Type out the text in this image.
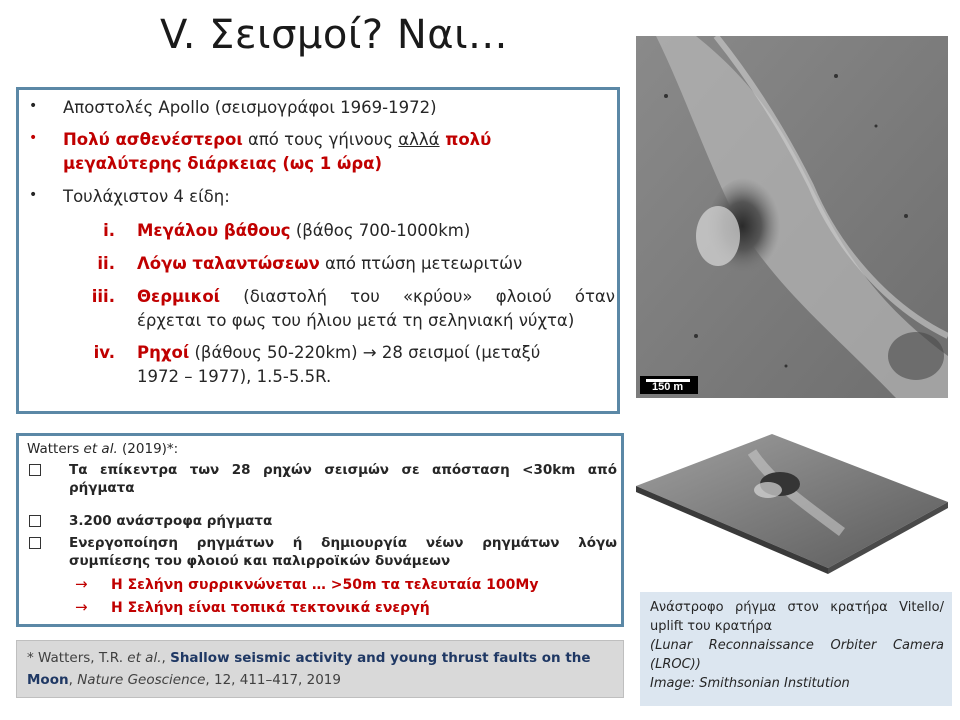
V. Σεισμοί? Ναι...
• Αποστολές Apollo (σεισμογράφοι 1969-1972)
• Πολύ ασθενέστεροι από τους γήινους αλλά πολύ
μεγαλύτερης διάρκειας (ως 1 ώρα)
• Τουλάχιστον 4 είδη:
i. Μεγάλου βάθους (βάθος 700-1000km)
ii. Λόγω ταλαντώσεων από πτώση μετεωριτών
iii. Θερμικοί (διαστολή του «κρύου» φλοιού όταν
έρχεται το φως του ήλιου μετά τη σεληνιακή νύχτα)
iv. Ρηχοί (βάθους 50-220km) → 28 σεισμοί (μεταξύ
1972 – 1977), 1.5-5.5R.
Watters et al. (2019)*:
Τα επίκεντρα των 28 ρηχών σεισμών σε απόσταση <30km από
ρήγματα
3.200 ανάστροφα ρήγματα
Ενεργοποίηση ρηγμάτων ή δημιουργία νέων ρηγμάτων λόγω
συμπίεσης του φλοιού και παλιρροϊκών δυνάμεων
→ Η Σελήνη συρρικνώνεται … >50m τα τελευταία 100My
→ Η Σελήνη είναι τοπικά τεκτονικά ενεργή
* Watters, T.R. et al., Shallow seismic activity and young thrust faults on the
Moon, Nature Geoscience, 12, 411–417, 2019
150 m
Ανάστροφο ρήγμα στον κρατήρα Vitello/
uplift του κρατήρα
(Lunar Reconnaissance Orbiter Camera
(LROC))
Image: Smithsonian Institution
